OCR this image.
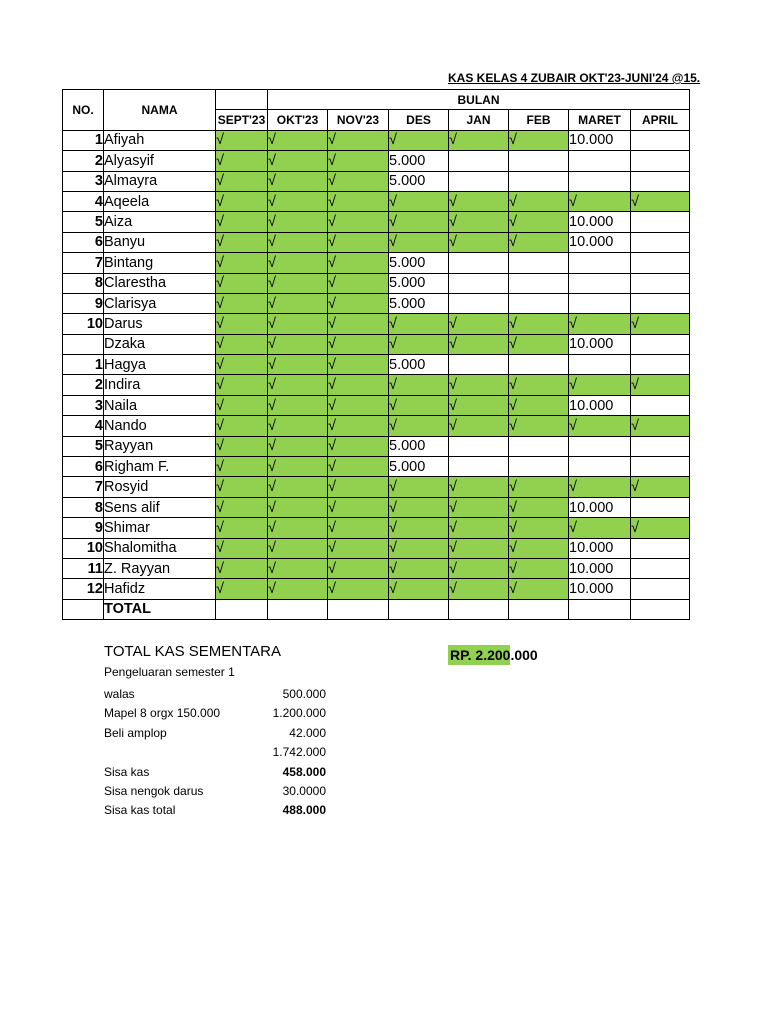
KAS KELAS 4 ZUBAIR OKT'23-JUNI'24 @15.
NO.	NAMA		BULAN						
		SEPT'23	OKT'23	NOV'23	DES	JAN	FEB	MARET	APRIL
1	Afiyah	√	√	√	√	√	√	10.000	
2	Alyasyif	√	√	√	5.000				
3	Almayra	√	√	√	5.000				
4	Aqeela	√	√	√	√	√	√	√	√
5	Aiza	√	√	√	√	√	√	10.000	
6	Banyu	√	√	√	√	√	√	10.000	
7	Bintang	√	√	√	5.000				
8	Clarestha	√	√	√	5.000				
9	Clarisya	√	√	√	5.000				
10	Darus	√	√	√	√	√	√	√	√
	Dzaka	√	√	√	√	√	√	10.000	
1	Hagya	√	√	√	5.000				
2	Indira	√	√	√	√	√	√	√	√
3	Naila	√	√	√	√	√	√	10.000	
4	Nando	√	√	√	√	√	√	√	√
5	Rayyan	√	√	√	5.000				
6	Righam F.	√	√	√	5.000				
7	Rosyid	√	√	√	√	√	√	√	√
8	Sens alif	√	√	√	√	√	√	10.000	
9	Shimar	√	√	√	√	√	√	√	√
10	Shalomitha	√	√	√	√	√	√	10.000	
11	Z. Rayyan	√	√	√	√	√	√	10.000	
12	Hafidz	√	√	√	√	√	√	10.000	
	TOTAL								
TOTAL KAS SEMENTARA	RP. 2.200.000
Pengeluaran semester 1
walas	500.000
Mapel 8 orgx 150.000	1.200.000
Beli amplop	42.000
1.742.000
Sisa kas	458.000
Sisa nengok darus	30.0000
Sisa kas total	488.000
